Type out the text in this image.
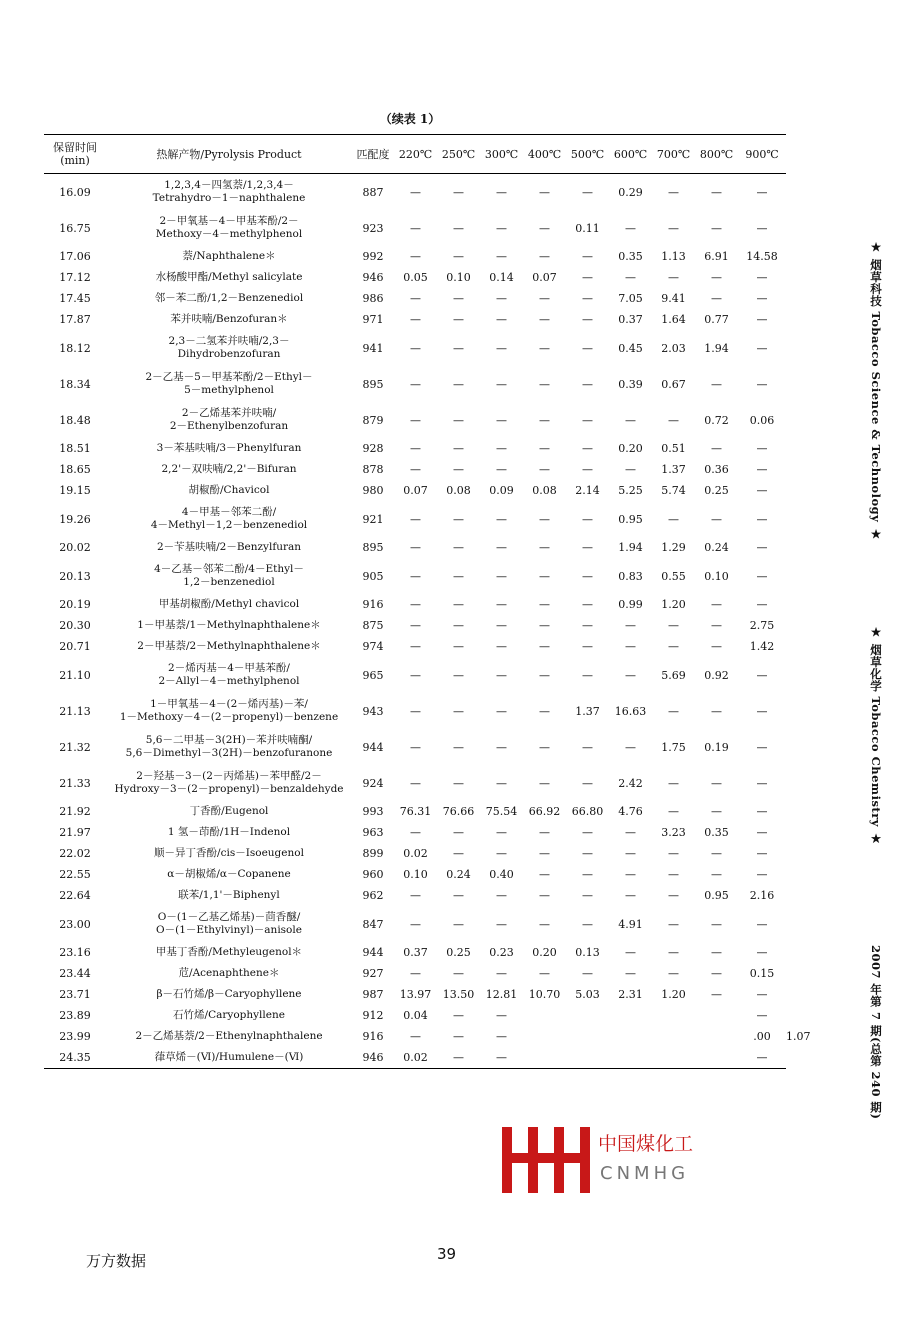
（续表 1）
保留时间
(min)	热解产物/Pyrolysis Product	匹配度	220℃	250℃	300℃	400℃	500℃	600℃	700℃	800℃	900℃	
16.09	1,2,3,4－四氢萘/1,2,3,4－
Tetrahydro－1－naphthalene	887	—	—	—	—	—	0.29	—	—	—	
16.75	2－甲氧基－4－甲基苯酚/2－
Methoxy－4－methylphenol	923	—	—	—	—	0.11	—	—	—	—	
17.06	萘/Naphthalene＊	992	—	—	—	—	—	0.35	1.13	6.91	14.58	
17.12	水杨酸甲酯/Methyl salicylate	946	0.05	0.10	0.14	0.07	—	—	—	—	—	
17.45	邻－苯二酚/1,2－Benzenediol	986	—	—	—	—	—	7.05	9.41	—	—	
17.87	苯并呋喃/Benzofuran＊	971	—	—	—	—	—	0.37	1.64	0.77	—	
18.12	2,3－二氢苯并呋喃/2,3－
Dihydrobenzofuran	941	—	—	—	—	—	0.45	2.03	1.94	—	
18.34	2－乙基－5－甲基苯酚/2－Ethyl－
5－methylphenol	895	—	—	—	—	—	0.39	0.67	—	—	
18.48	2－乙烯基苯并呋喃/
2－Ethenylbenzofuran	879	—	—	—	—	—	—	—	0.72	0.06	
18.51	3－苯基呋喃/3－Phenylfuran	928	—	—	—	—	—	0.20	0.51	—	—	
18.65	2,2'－双呋喃/2,2'－Bifuran	878	—	—	—	—	—	—	1.37	0.36	—	
19.15	胡椒酚/Chavicol	980	0.07	0.08	0.09	0.08	2.14	5.25	5.74	0.25	—	
19.26	4－甲基－邻苯二酚/
4－Methyl－1,2－benzenediol	921	—	—	—	—	—	0.95	—	—	—	
20.02	2－苄基呋喃/2－Benzylfuran	895	—	—	—	—	—	1.94	1.29	0.24	—	
20.13	4－乙基－邻苯二酚/4－Ethyl－
1,2－benzenediol	905	—	—	—	—	—	0.83	0.55	0.10	—	
20.19	甲基胡椒酚/Methyl chavicol	916	—	—	—	—	—	0.99	1.20	—	—	
20.30	1－甲基萘/1－Methylnaphthalene＊	875	—	—	—	—	—	—	—	—	2.75	
20.71	2－甲基萘/2－Methylnaphthalene＊	974	—	—	—	—	—	—	—	—	1.42	
21.10	2－烯丙基－4－甲基苯酚/
2－Allyl－4－methylphenol	965	—	—	—	—	—	—	5.69	0.92	—	
21.13	1－甲氧基－4－(2－烯丙基)－苯/
1－Methoxy－4－(2－propenyl)－benzene	943	—	—	—	—	1.37	16.63	—	—	—	
21.32	5,6－二甲基－3(2H)－苯并呋喃酮/
5,6－Dimethyl－3(2H)－benzofuranone	944	—	—	—	—	—	—	1.75	0.19	—	
21.33	2－羟基－3－(2－丙烯基)－苯甲醛/2－
Hydroxy－3－(2－propenyl)－benzaldehyde	924	—	—	—	—	—	2.42	—	—	—	
21.92	丁香酚/Eugenol	993	76.31	76.66	75.54	66.92	66.80	4.76	—	—	—	
21.97	1 氢－茚酚/1H－Indenol	963	—	—	—	—	—	—	3.23	0.35	—	
22.02	顺－异丁香酚/cis－Isoeugenol	899	0.02	—	—	—	—	—	—	—	—	
22.55	α－胡椒烯/α－Copanene	960	0.10	0.24	0.40	—	—	—	—	—	—	
22.64	联苯/1,1'－Biphenyl	962	—	—	—	—	—	—	—	0.95	2.16	
23.00	O－(1－乙基乙烯基)－茴香醚/
O－(1－Ethylvinyl)－anisole	847	—	—	—	—	—	4.91	—	—	—	
23.16	甲基丁香酚/Methyleugenol＊	944	0.37	0.25	0.23	0.20	0.13	—	—	—	—	
23.44	苊/Acenaphthene＊	927	—	—	—	—	—	—	—	—	0.15	
23.71	β－石竹烯/β－Caryophyllene	987	13.97	13.50	12.81	10.70	5.03	2.31	1.20	—	—	
23.89	石竹烯/Caryophyllene	912	0.04	—	—						—	
23.99	2－乙烯基萘/2－Ethenylnaphthalene	916	—	—	—						.00	1.07
24.35	葎草烯－(Ⅵ)/Humulene－(Ⅵ)	946	0.02	—	—						—	
★ 烟草科技 Tobacco Science & Technology ★
★ 烟草化学 Tobacco Chemistry ★
2007 年第 7 期(总第 240 期)
中国煤化工
CNMHG
万方数据	39
